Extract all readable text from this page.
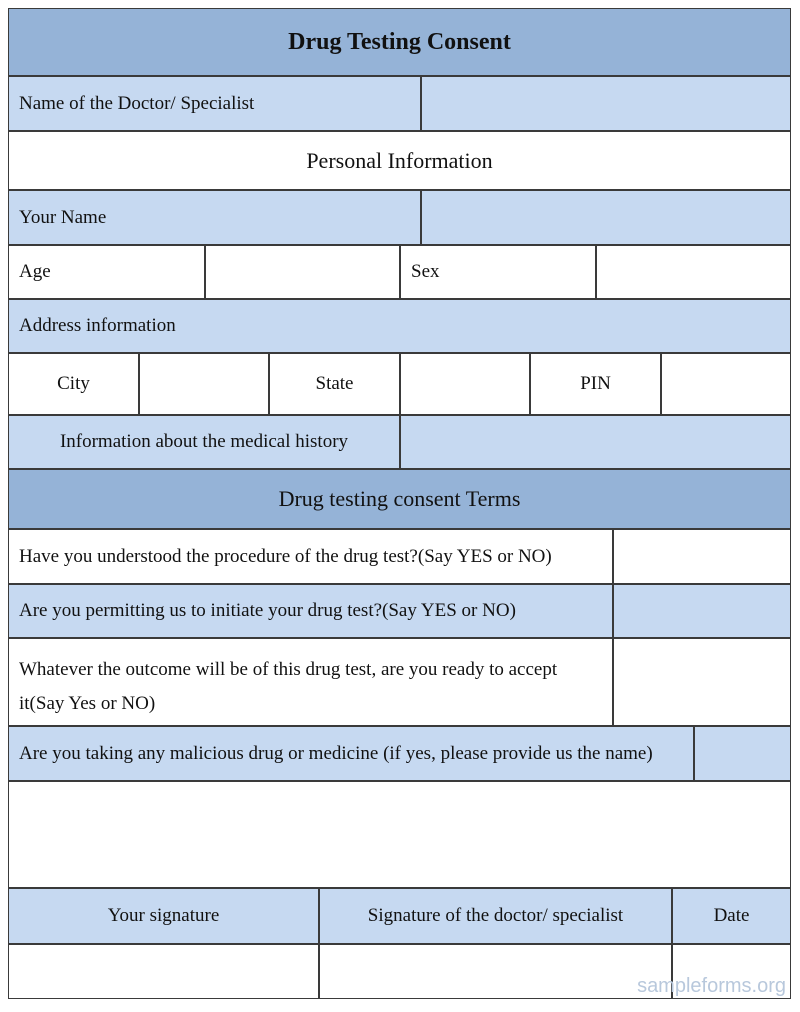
Drug Testing Consent
Name of the Doctor/ Specialist
Personal Information
Your Name
Age	Sex
Address information
City	State	PIN
Information about the medical history
Drug testing consent Terms
Have you understood the procedure of the drug test?(Say YES or NO)
Are you permitting us to initiate your drug test?(Say YES or NO)
Whatever the outcome will be of this drug test, are you ready to accept
it(Say Yes or NO)
Are you taking any malicious drug or medicine (if yes, please provide us the name)
Your signature	Signature of the doctor/ specialist	Date
sampleforms.org
